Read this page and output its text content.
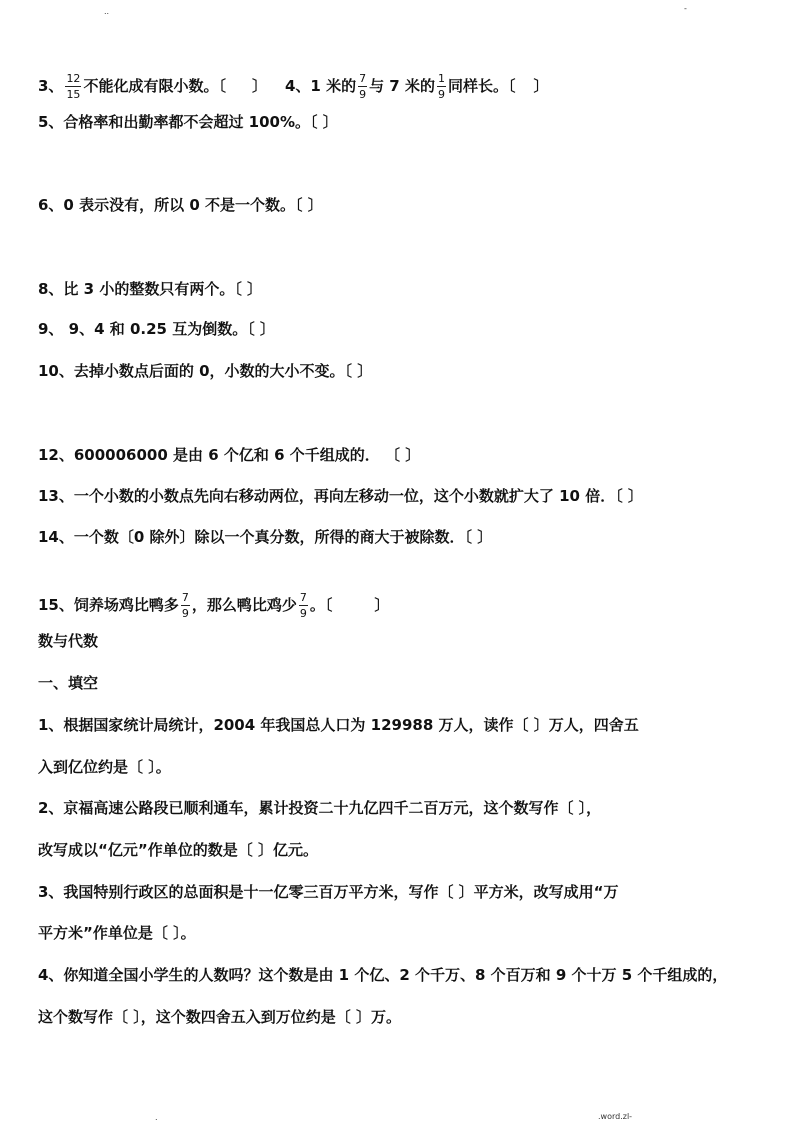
..	-
3、 $\frac{12}{15}$ 不能化成有限小数。〔 〕 4、1 米的 $\frac{7}{9}$ 与 7 米的 $\frac{1}{9}$ 同样长。〔 〕
5、合格率和出勤率都不会超过 100%。〔 〕
6、0 表示没有，所以 0 不是一个数。〔 〕
8、比 3 小的整数只有两个。〔 〕
9、 9、4 和 0.25 互为倒数。〔 〕
10、去掉小数点后面的 0，小数的大小不变。〔 〕
12、600006000 是由 6 个亿和 6 个千组成的． 〔 〕
13、一个小数的小数点先向右移动两位，再向左移动一位，这个小数就扩大了 10 倍．〔 〕
14、一个数〔0 除外〕除以一个真分数，所得的商大于被除数．〔 〕
15、饲养场鸡比鸭多 $\frac{7}{9}$ ，那么鸭比鸡少 $\frac{7}{9}$ 。〔	〕
数与代数
一、填空
1、根据国家统计局统计，2004 年我国总人口为 129988 万人，读作〔 〕万人，四舍五
入到亿位约是〔 〕。
2、京福高速公路段已顺利通车，累计投资二十九亿四千二百万元，这个数写作〔 〕，
改写成以“亿元”作单位的数是〔 〕亿元。
3、我国特别行政区的总面积是十一亿零三百万平方米，写作〔 〕平方米，改写成用“万
平方米”作单位是〔 〕。
4、你知道全国小学生的人数吗？这个数是由 1 个亿、2 个千万、8 个百万和 9 个十万 5 个千组成的，
这个数写作〔 〕，这个数四舍五入到万位约是〔 〕万。
.	.word.zl-
